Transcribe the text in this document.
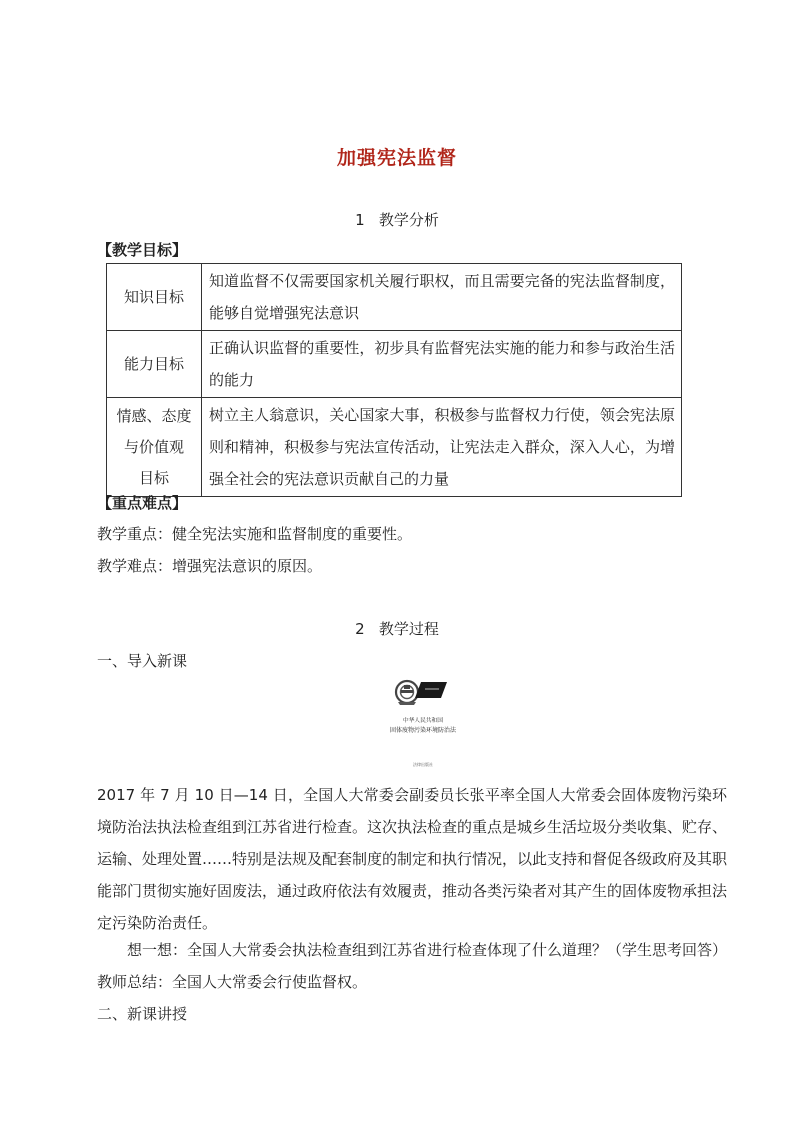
加强宪法监督
1 教学分析
【教学目标】
知识目标	知道监督不仅需要国家机关履行职权，而且需要完备的宪法监督制度，能够自觉增强宪法意识
能力目标	正确认识监督的重要性，初步具有监督宪法实施的能力和参与政治生活的能力

情感、态度
与价值观
目标	树立主人翁意识，关心国家大事，积极参与监督权力行使，领会宪法原则和精神，积极参与宪法宣传活动，让宪法走入群众，深入人心，为增强全社会的宪法意识贡献自己的力量
【重点难点】
教学重点：健全宪法实施和监督制度的重要性。
教学难点：增强宪法意识的原因。
2 教学过程
一、导入新课
中华人民共和国
固体废物污染环境防治法
法律出版社
2017 年 7 月 10 日—14 日，全国人大常委会副委员长张平率全国人大常委会固体废物污染环境防治法执法检查组到江苏省进行检查。这次执法检查的重点是城乡生活垃圾分类收集、贮存、运输、处理处置……特别是法规及配套制度的制定和执行情况，以此支持和督促各级政府及其职能部门贯彻实施好固废法，通过政府依法有效履责，推动各类污染者对其产生的固体废物承担法定污染防治责任。
想一想：全国人大常委会执法检查组到江苏省进行检查体现了什么道理？（学生思考回答）
教师总结：全国人大常委会行使监督权。
二、新课讲授
